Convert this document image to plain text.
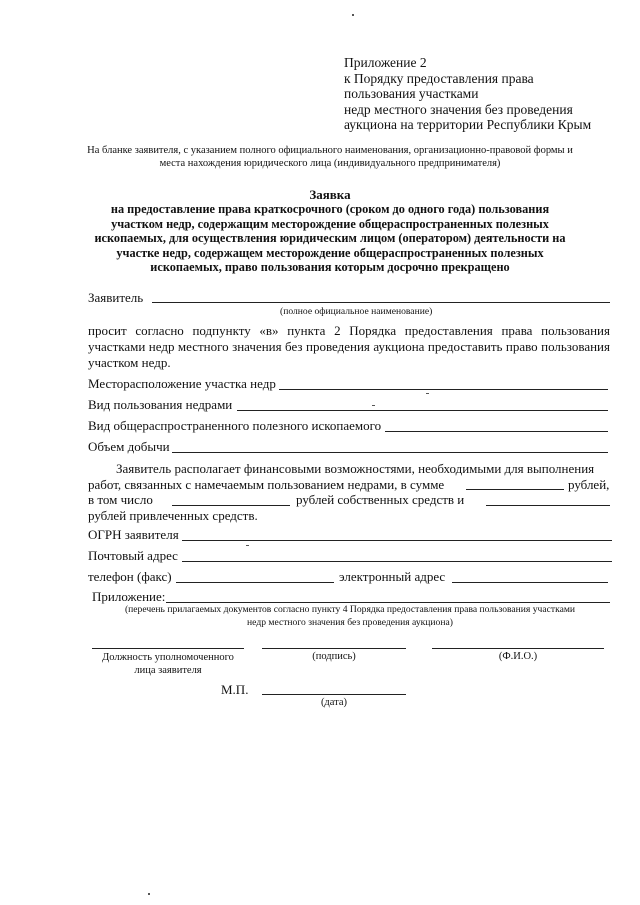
Приложение 2
к Порядку предоставления права
пользования участками
недр местного значения без проведения
аукциона на территории Республики Крым
На бланке заявителя, с указанием полного официального наименования, организационно-правовой формы и
места нахождения юридического лица (индивидуального предпринимателя)
Заявка
на предоставление права краткосрочного (сроком до одного года) пользования
участком недр, содержащим месторождение общераспространенных полезных
ископаемых, для осуществления юридическим лицом (оператором) деятельности на
участке недр, содержащем месторождение общераспространенных полезных
ископаемых, право пользования которым досрочно прекращено
Заявитель
(полное официальное наименование)
просит согласно подпункту «в» пункта 2 Порядка предоставления права пользования участками недр местного значения без проведения аукциона предоставить право пользования участком недр.
Месторасположение участка недр
Вид пользования недрами
Вид общераспространенного полезного ископаемого
Объем добычи
Заявитель располагает финансовыми возможностями, необходимыми для выполнения
работ, связанных с намечаемым пользованием недрами, в сумме	рублей,
в том число	рублей собственных средств и
рублей привлеченных средств.
ОГРН заявителя
Почтовый адрес
телефон (факс)	электронный адрес
Приложение:
(перечень прилагаемых документов согласно пункту 4 Порядка предоставления права пользования участками
недр местного значения без проведения аукциона)
Должность уполномоченного
лица заявителя
(подпись)	(Ф.И.О.)
М.П.
(дата)
